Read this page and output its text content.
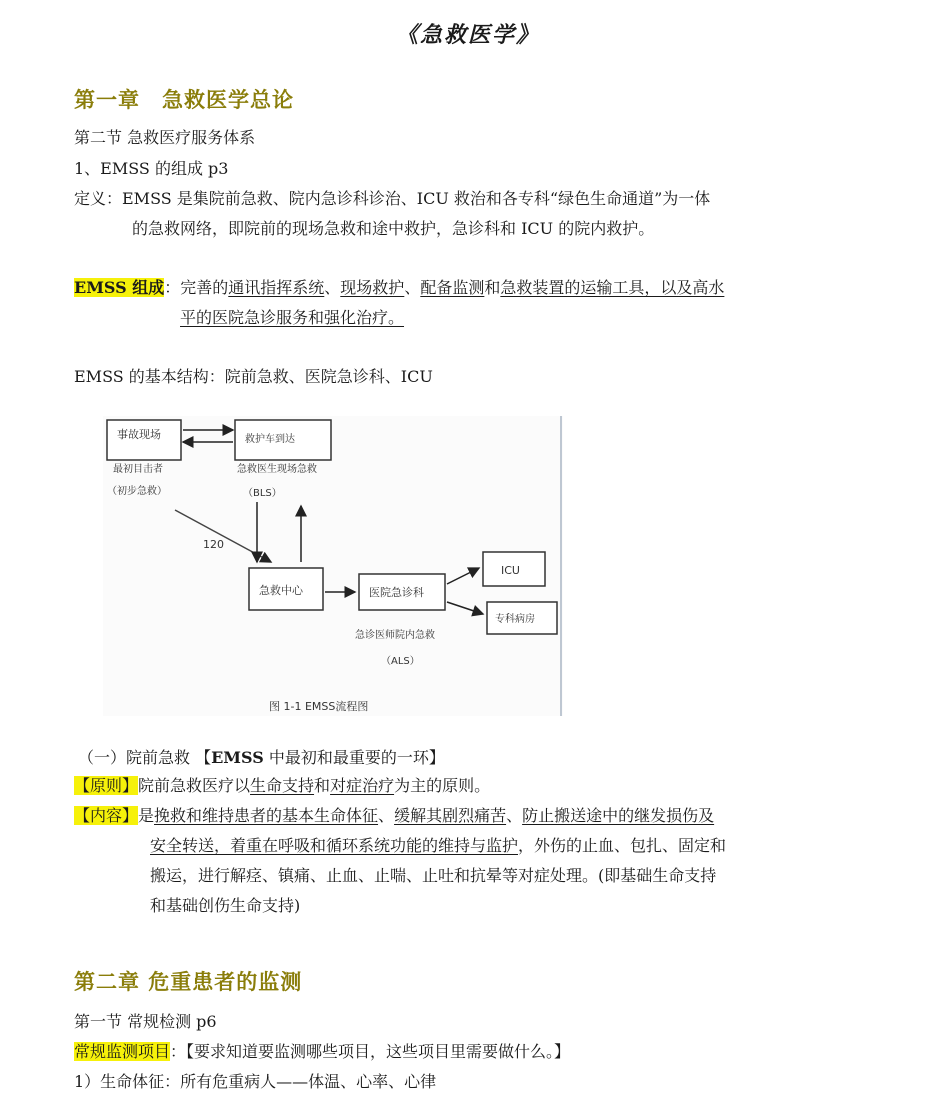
《急救医学》
第一章　急救医学总论
第二节 急救医疗服务体系
1、EMSS 的组成 p3
定义：EMSS 是集院前急救、院内急诊科诊治、ICU 救治和各专科“绿色生命通道”为一体
的急救网络，即院前的现场急救和途中救护，急诊科和 ICU 的院内救护。
EMSS 组成：完善的通讯指挥系统、现场救护、配备监测和急救装置的运输工具，以及高水
平的医院急诊服务和强化治疗。
EMSS 的基本结构：院前急救、医院急诊科、ICU
事故现场
最初目击者
（初步急救）
救护车到达
急救医生现场急救
（BLS）
120
急救中心	医院急诊科
急诊医师院内急救
（ALS）
ICU
专科病房
图 1-1 EMSS流程图
（一）院前急救 【EMSS 中最初和最重要的一环】
【原则】院前急救医疗以生命支持和对症治疗为主的原则。
【内容】是挽救和维持患者的基本生命体征、缓解其剧烈痛苦、防止搬送途中的继发损伤及
安全转送，着重在呼吸和循环系统功能的维持与监护，外伤的止血、包扎、固定和
搬运，进行解痉、镇痛、止血、止喘、止吐和抗晕等对症处理。(即基础生命支持
和基础创伤生命支持)
第二章 危重患者的监测
第一节 常规检测 p6
常规监测项目：【要求知道要监测哪些项目，这些项目里需要做什么。】
1）生命体征：所有危重病人——体温、心率、心律
